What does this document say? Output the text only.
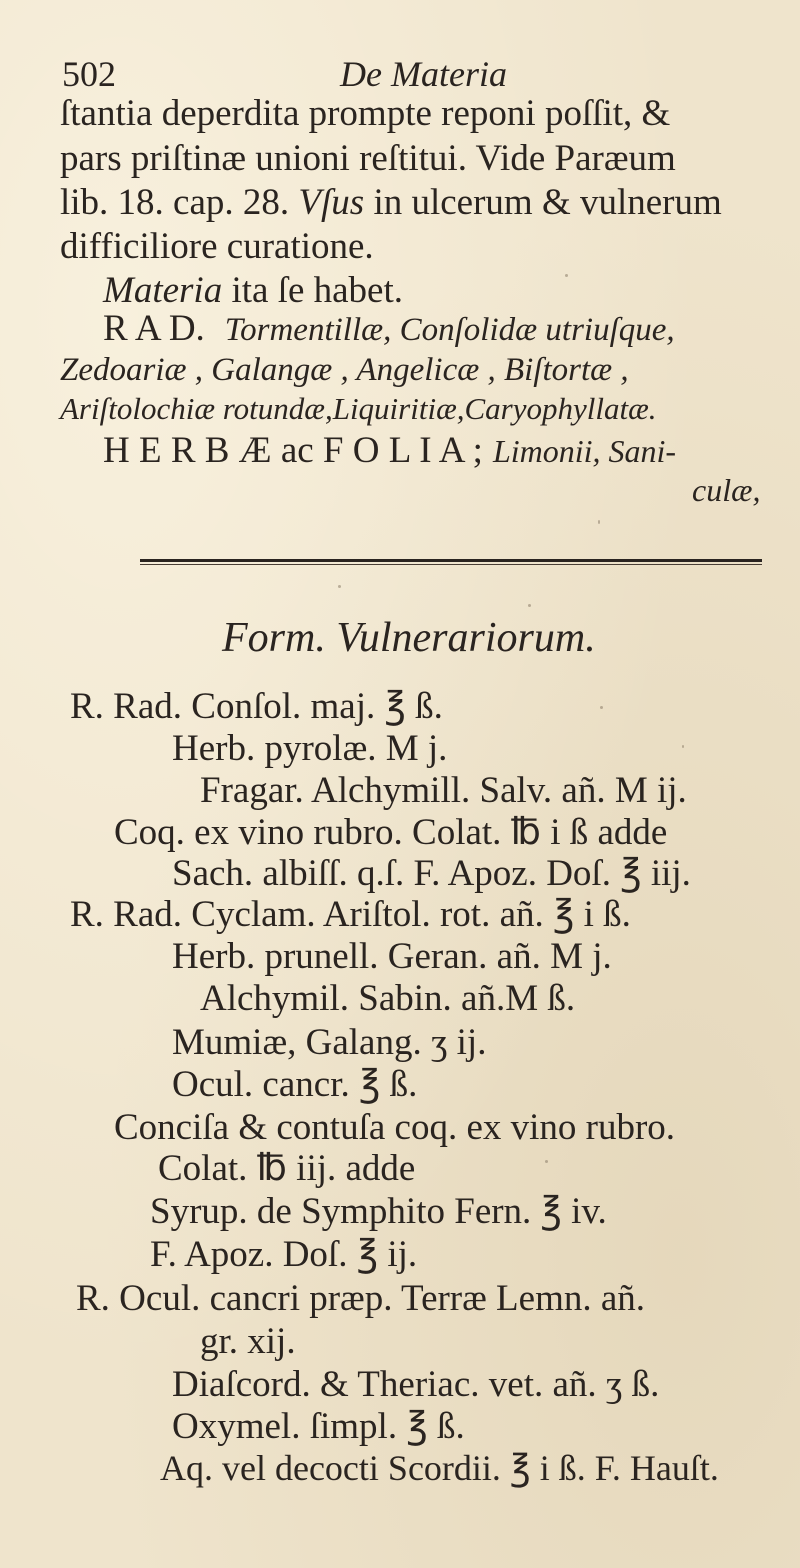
502	De Materia
ſtantia deperdita prompte reponi poſſit, &
pars priſtinæ unioni reſtitui. Vide Paræum
lib. 18. cap. 28. Vſus in ulcerum & vulnerum
difficiliore curatione.
Materia ita ſe habet.
R A D. Tormentillæ, Conſolidæ utriuſque,
Zedoariæ , Galangæ , Angelicæ , Biſtortæ ,
Ariſtolochiæ rotundæ,Liquiritiæ,Caryophyllatæ.
H E R B Æ ac F O L I A ; Limonii, Sani-
culæ,
Form. Vulnerariorum.
R. Rad. Conſol. maj. ℥ ß.
Herb. pyrolæ. M j.
Fragar. Alchymill. Salv. añ. M ij.
Coq. ex vino rubro. Colat. ℔ i ß adde
Sach. albiſſ. q.ſ. F. Apoz. Doſ. ℥ iij.
R. Rad. Cyclam. Ariſtol. rot. añ. ℥ i ß.
Herb. prunell. Geran. añ. M j.
Alchymil. Sabin. añ.M ß.
Mumiæ, Galang. ʒ ij.
Ocul. cancr. ℥ ß.
Conciſa & contuſa coq. ex vino rubro.
Colat. ℔ iij. adde
Syrup. de Symphito Fern. ℥ iv.
F. Apoz. Doſ. ℥ ij.
R. Ocul. cancri præp. Terræ Lemn. añ.
gr. xij.
Diaſcord. & Theriac. vet. añ. ʒ ß.
Oxymel. ſimpl. ℥ ß.
Aq. vel decocti Scordii. ℥ i ß. F. Hauſt.
